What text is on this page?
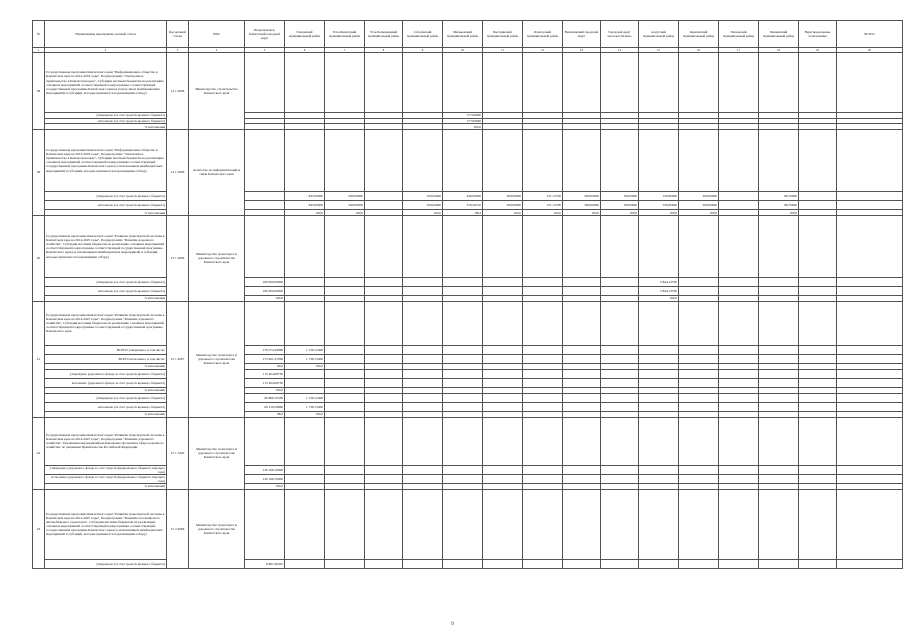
№	Наименование мероприятия, целевой статьи	Код целевой статьи	ГРБС	Петропавловск-Камчатский городской округ	Елизовский муниципальный район	Усть-Камчатский муниципальный район	Усть-Большерецкий муниципальный район	Соболевский муниципальный район	Мильковский муниципальный район	Быстринский муниципальный район	Олюторский муниципальный район	Вилючинский городской округ	Городской округ «поселок Палана»	Алеутский муниципальный район	Карагинский муниципальный район	Тигильский муниципальный район	Пенжинский муниципальный район	Нераспределенные ассигнования	ВСЕГО	
1	2	3	4	5	6	7	8	9	10	11	12	13	14	15	16	17	18	19	20	
38	Государственная программа Камчатского края "Информационное общество в Камчатском крае на 2014-2018 годы", Подпрограмма "Электронное правительство в Камчатском крае", Субсидии местным бюджетам на реализацию основных мероприятий соответствующей подпрограммы соответствующей государственной программы Камчатского края (в пользу иных межбюджетных мероприятий и субсидий, которые признаются подлежащими отбору)	14 1 4096	Министерство строительства Камчатского края																	
	утверждено (за счет средств краевого бюджета)								177,00000											
	исполнено (за счет средств краевого бюджета)								177,00000											
	% исполнения								100,0											
39	Государственная программа Камчатского края "Информационное общество в Камчатском крае на 2014-2018 годы", Подпрограмма "Электронное правительство в Камчатском крае", Субсидии местным бюджетам на реализацию основных мероприятий соответствующей подпрограммы соответствующей государственной программы Камчатского края (за исключением межбюджетных мероприятий и субсидий, которые признаются подлежащими отбору)	14 1 4096	Агентство по информатизации и связи Камчатского края																	
	утверждено (за счет средств краевого бюджета)				845,00000	640,00000		320,64000	426,00000	500,00000	151,15700	690,00000	80,00000	530,00000	260,00000		86,70000			
	исполнено (за счет средств краевого бюджета)				845,00000	640,00000		320,64000	376,26510	500,00000	151,15700	690,00000	80,00000	530,00000	260,00000		86,70000			
	% исполнения				100,0	100,0		100,0	88,4	100,0	100,0	100,0	100,0	100,0	100,0		100,0			
40	Государственная программа Камчатского края "Развитие транспортной системы в Камчатском крае на 2014-2025 годы", Подпрограмма "Развитие дорожного хозяйства", Субсидии местным бюджетам на реализацию основных мероприятий соответствующей подпрограммы соответствующей государственной программы Камчатского края (за исключением межбюджетных мероприятий и субсидий, которые признаются подлежащими отбору)	15 1 4096	Министерство транспорта и дорожного строительства Камчатского края																	
	утверждено (за счет средств краевого бюджета)			100 000,00000										3 844,13700						
	исполнено (за счет средств краевого бюджета)			100 000,00000										3 844,13700						
	% исполнения			100,0										100,0						
41	Государственная программа Камчатского края "Развитие транспортной системы в Камчатском крае на 2014-2025 годы", Подпрограмма "Развитие дорожного хозяйства", Субсидии местным бюджетам на реализацию основных мероприятий соответствующей подпрограммы соответствующей государственной программы Камчатского края	15 1 4097	Министерство транспорта и дорожного строительства Камчатского края																	
	ВСЕГО утверждено, в том числе:			176 274,39066	1 736,72400															
	ВСЕГО исполнено, в том числе:			175 621,53596	1 736,72400															
	% исполнения			99,6	100,0															
	утверждено (дорожного фонда за счет средств краевого бюджета)			115 404,08730																
	исполнено (дорожного фонда за счет средств краевого бюджета)			115 404,08730																
	% исполнения			100,0																
	утверждено (за счет средств краевого бюджета)			60 869,70336	1 736,72400															
	исполнено (за счет средств краевого бюджета)			60 216,59866	1 736,72400															
	% исполнения			98,9	100,0															
42	Государственная программа Камчатского края "Развитие транспортной системы в Камчатском крае на 2014-2025 годы", Подпрограмма "Развитие дорожного хозяйства", Реализация мероприятий региональных программ в сфере дорожного хозяйства, по решениям Правительства Российской Федерации	15 1 5420	Министерство транспорта и дорожного строительства Камчатского края																	
	утверждено (дорожного фонда за счет средств федерального бюджета текущего года)			120 166,70000																
	исполнено (дорожного фонда за счет средств федерального бюджета текущего года)			120 166,70000																
	% исполнения			100,0																
43	Государственная программа Камчатского края "Развитие транспортной системы в Камчатском крае на 2014-2025 годы", Подпрограмма "Развитие пассажирского автомобильного транспорта", Субсидии местным бюджетам на реализацию основных мероприятий соответствующей подпрограммы соответствующей государственной программы Камчатского края (за исключением межбюджетных мероприятий и субсидий, которые признаются подлежащими отбору)	15 2 4096	Министерство транспорта и дорожного строительства Камчатского края																	
	утверждено (за счет средств краевого бюджета)			8 867,40455																
9
